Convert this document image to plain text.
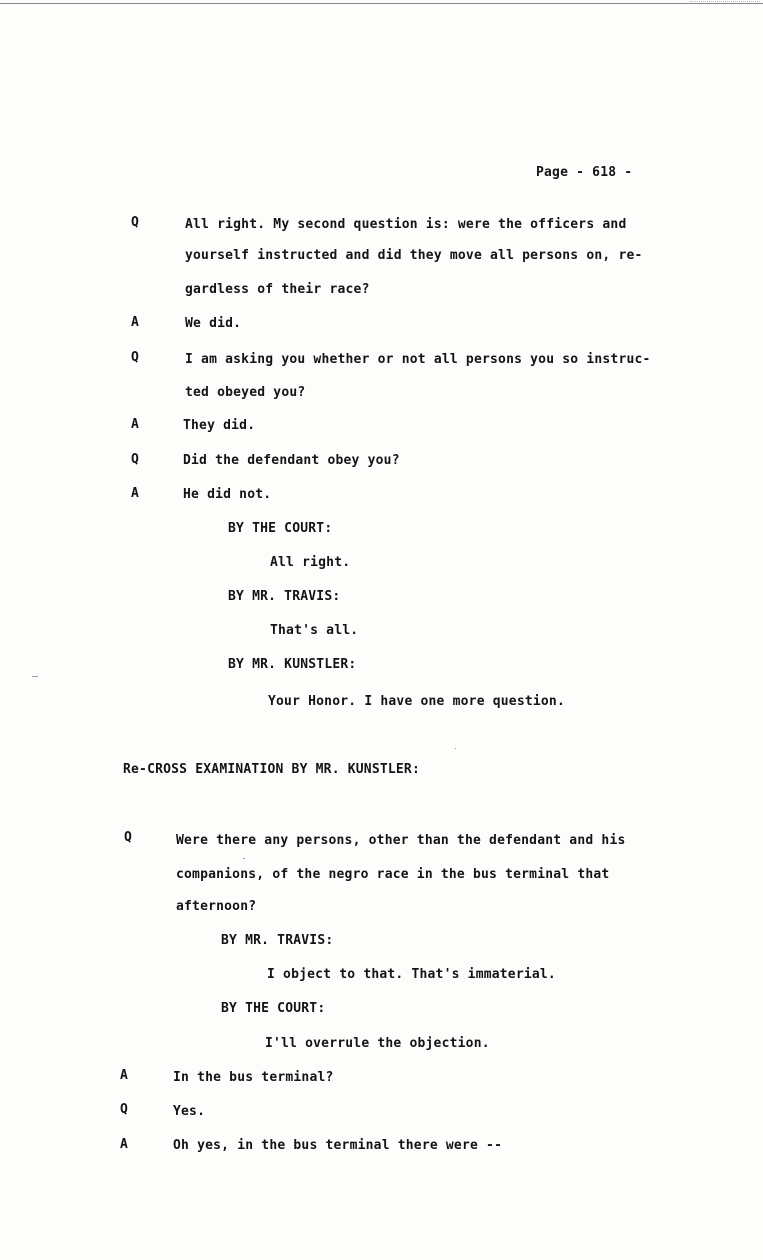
Page - 618 -
Q	All right. My second question is: were the officers and
yourself instructed and did they move all persons on, re-
gardless of their race?
A	We did.
Q	I am asking you whether or not all persons you so instruc-
ted obeyed you?
A	They did.
Q	Did the defendant obey you?
A	He did not.
BY THE COURT:
All right.
BY MR. TRAVIS:
That's all.
BY MR. KUNSTLER:
Your Honor. I have one more question.
Re-CROSS EXAMINATION BY MR. KUNSTLER:
Q	Were there any persons, other than the defendant and his
companions, of the negro race in the bus terminal that
afternoon?
BY MR. TRAVIS:
I object to that. That's immaterial.
BY THE COURT:
I'll overrule the objection.
A	In the bus terminal?
Q	Yes.
A	Oh yes, in the bus terminal there were --
